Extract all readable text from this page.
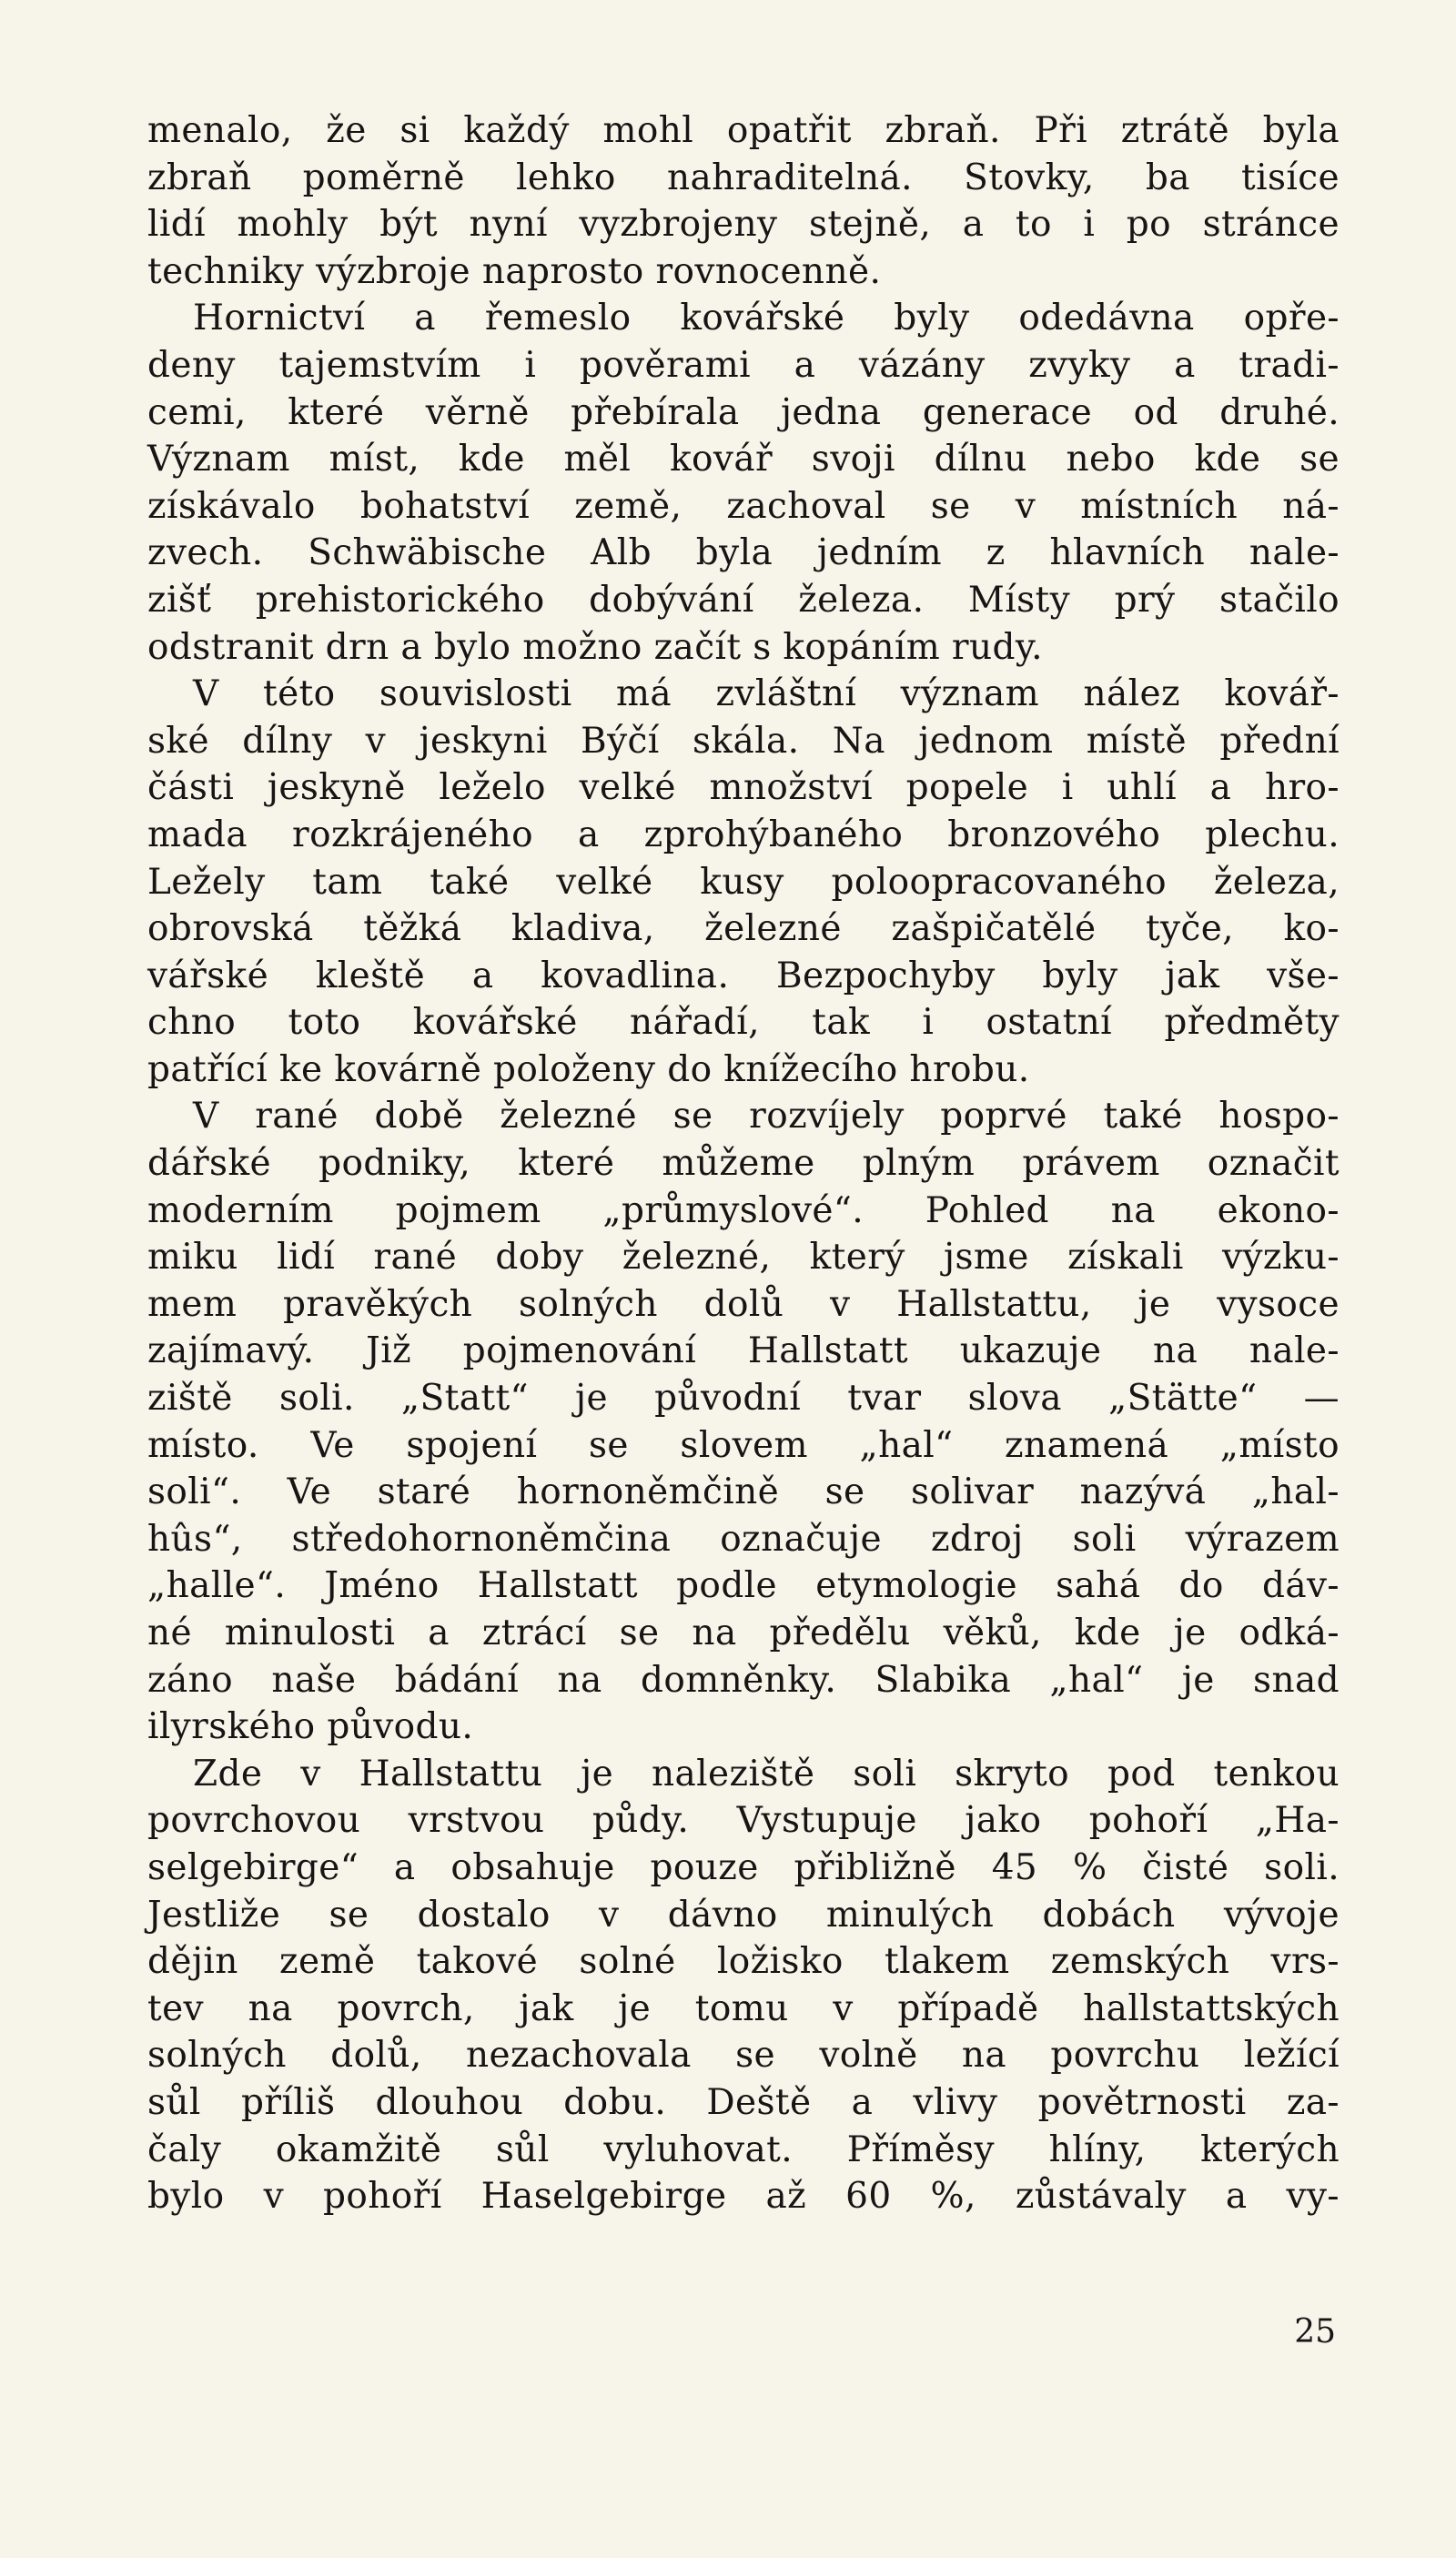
menalo, že si každý mohl opatřit zbraň. Při ztrátě byla
zbraň poměrně lehko nahraditelná. Stovky, ba tisíce
lidí mohly být nyní vyzbrojeny stejně, a to i po stránce
techniky výzbroje naprosto rovnocenně.
Hornictví a řemeslo kovářské byly odedávna opře-
deny tajemstvím i pověrami a vázány zvyky a tradi-
cemi, které věrně přebírala jedna generace od druhé.
Význam míst, kde měl kovář svoji dílnu nebo kde se
získávalo bohatství země, zachoval se v místních ná-
zvech. Schwäbische Alb byla jedním z hlavních nale-
zišť prehistorického dobývání železa. Místy prý stačilo
odstranit drn a bylo možno začít s kopáním rudy.
V této souvislosti má zvláštní význam nález kovář-
ské dílny v jeskyni Býčí skála. Na jednom místě přední
části jeskyně leželo velké množství popele i uhlí a hro-
mada rozkrájeného a zprohýbaného bronzového plechu.
Ležely tam také velké kusy poloopracovaného železa,
obrovská těžká kladiva, železné zašpičatělé tyče, ko-
vářské kleště a kovadlina. Bezpochyby byly jak vše-
chno toto kovářské nářadí, tak i ostatní předměty
patřící ke kovárně položeny do knížecího hrobu.
V rané době železné se rozvíjely poprvé také hospo-
dářské podniky, které můžeme plným právem označit
moderním pojmem „průmyslové“. Pohled na ekono-
miku lidí rané doby železné, který jsme získali výzku-
mem pravěkých solných dolů v Hallstattu, je vysoce
zajímavý. Již pojmenování Hallstatt ukazuje na nale-
ziště soli. „Statt“ je původní tvar slova „Stätte“ —
místo. Ve spojení se slovem „hal“ znamená „místo
soli“. Ve staré hornoněmčině se solivar nazývá „hal-
hûs“, středohornoněmčina označuje zdroj soli výrazem
„halle“. Jméno Hallstatt podle etymologie sahá do dáv-
né minulosti a ztrácí se na předělu věků, kde je odká-
záno naše bádání na domněnky. Slabika „hal“ je snad
ilyrského původu.
Zde v Hallstattu je naleziště soli skryto pod tenkou
povrchovou vrstvou půdy. Vystupuje jako pohoří „Ha-
selgebirge“ a obsahuje pouze přibližně 45 % čisté soli.
Jestliže se dostalo v dávno minulých dobách vývoje
dějin země takové solné ložisko tlakem zemských vrs-
tev na povrch, jak je tomu v případě hallstattských
solných dolů, nezachovala se volně na povrchu ležící
sůl příliš dlouhou dobu. Deště a vlivy povětrnosti za-
čaly okamžitě sůl vyluhovat. Příměsy hlíny, kterých
bylo v pohoří Haselgebirge až 60 %, zůstávaly a vy-
25
